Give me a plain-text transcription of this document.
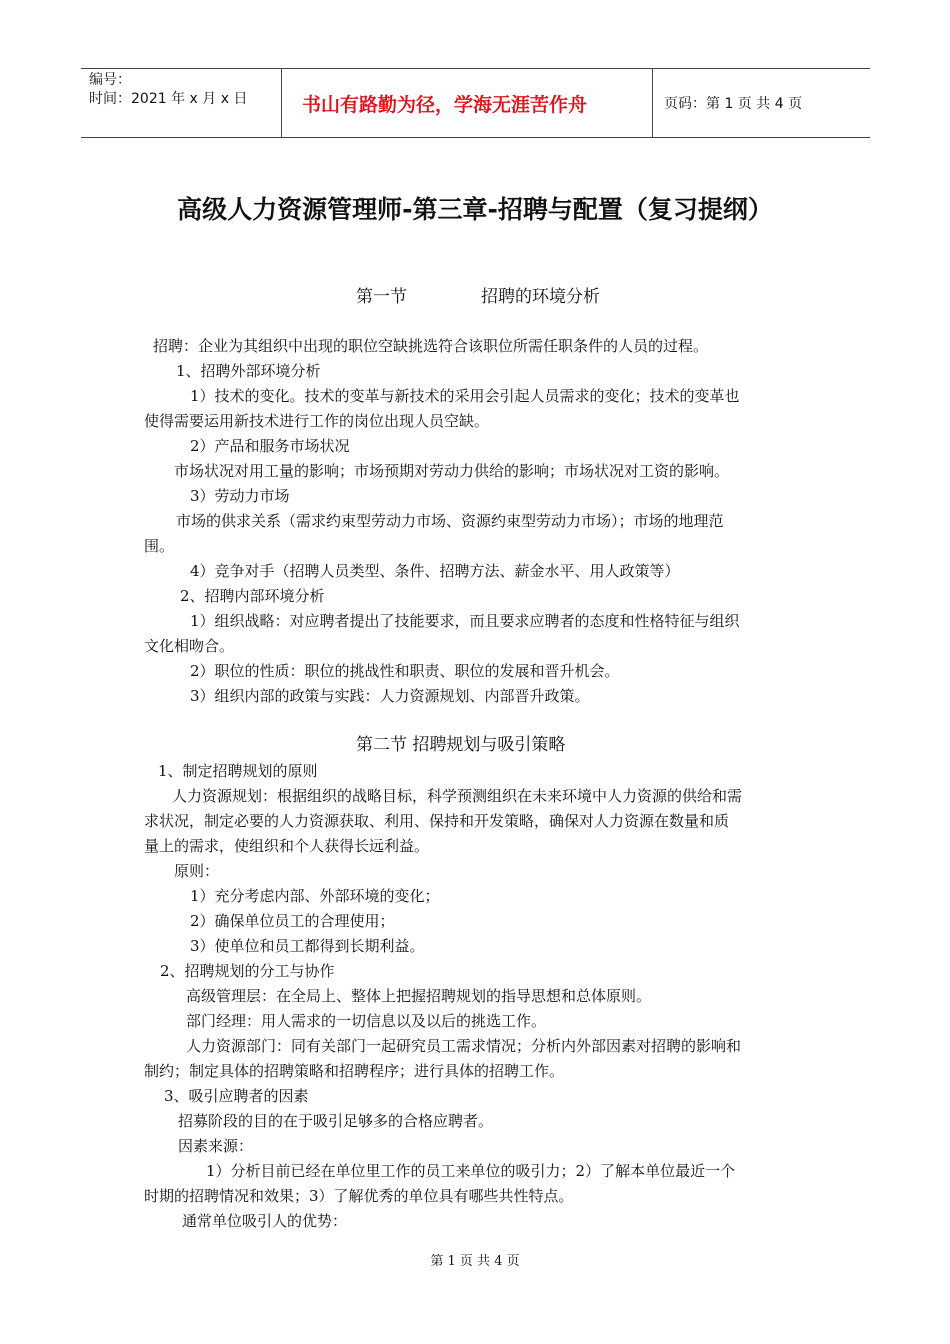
编号：
时间：2021 年 x 月 x 日	书山有路勤为径，学海无涯苦作舟	页码：第 1 页 共 4 页
高级人力资源管理师-第三章-招聘与配置（复习提纲）
第一节	招聘的环境分析
招聘：企业为其组织中出现的职位空缺挑选符合该职位所需任职条件的人员的过程。
1、招聘外部环境分析
1）技术的变化。技术的变革与新技术的采用会引起人员需求的变化；技术的变革也
使得需要运用新技术进行工作的岗位出现人员空缺。
2）产品和服务市场状况
市场状况对用工量的影响；市场预期对劳动力供给的影响；市场状况对工资的影响。
3）劳动力市场
市场的供求关系（需求约束型劳动力市场、资源约束型劳动力市场）；市场的地理范
围。
4）竞争对手（招聘人员类型、条件、招聘方法、薪金水平、用人政策等）
2、招聘内部环境分析
1）组织战略：对应聘者提出了技能要求，而且要求应聘者的态度和性格特征与组织
文化相吻合。
2）职位的性质：职位的挑战性和职责、职位的发展和晋升机会。
3）组织内部的政策与实践：人力资源规划、内部晋升政策。
第二节 招聘规划与吸引策略
1、制定招聘规划的原则
人力资源规划：根据组织的战略目标，科学预测组织在未来环境中人力资源的供给和需
求状况，制定必要的人力资源获取、利用、保持和开发策略，确保对人力资源在数量和质
量上的需求，使组织和个人获得长远利益。
原则：
1）充分考虑内部、外部环境的变化；
2）确保单位员工的合理使用；
3）使单位和员工都得到长期利益。
2、招聘规划的分工与协作
高级管理层：在全局上、整体上把握招聘规划的指导思想和总体原则。
部门经理：用人需求的一切信息以及以后的挑选工作。
人力资源部门：同有关部门一起研究员工需求情况；分析内外部因素对招聘的影响和
制约；制定具体的招聘策略和招聘程序；进行具体的招聘工作。
3、吸引应聘者的因素
招募阶段的目的在于吸引足够多的合格应聘者。
因素来源：
1）分析目前已经在单位里工作的员工来单位的吸引力；2）了解本单位最近一个
时期的招聘情况和效果；3）了解优秀的单位具有哪些共性特点。
通常单位吸引人的优势：
第 1 页 共 4 页
